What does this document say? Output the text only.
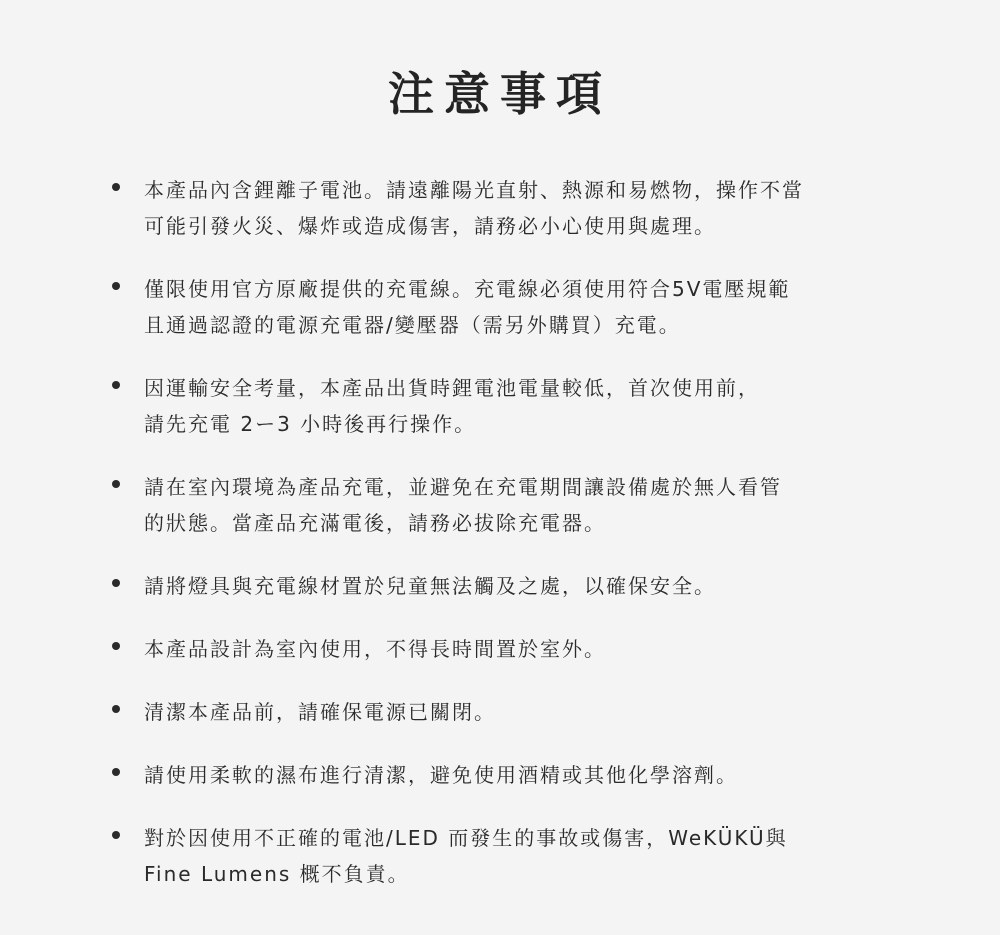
注意事項
本產品內含鋰離子電池。請遠離陽光直射、熱源和易燃物，操作不當
可能引發火災、爆炸或造成傷害，請務必小心使用與處理。
僅限使用官方原廠提供的充電線。充電線必須使用符合5V電壓規範
且通過認證的電源充電器/變壓器（需另外購買）充電。
因運輸安全考量，本產品出貨時鋰電池電量較低，首次使用前，
請先充電 2ー3 小時後再行操作。
請在室內環境為產品充電，並避免在充電期間讓設備處於無人看管
的狀態。當產品充滿電後，請務必拔除充電器。
請將燈具與充電線材置於兒童無法觸及之處，以確保安全。
本產品設計為室內使用，不得長時間置於室外。
清潔本產品前，請確保電源已關閉。
請使用柔軟的濕布進行清潔，避免使用酒精或其他化學溶劑。
對於因使用不正確的電池/LED 而發生的事故或傷害，WeKÜKÜ與
Fine Lumens 概不負責。
